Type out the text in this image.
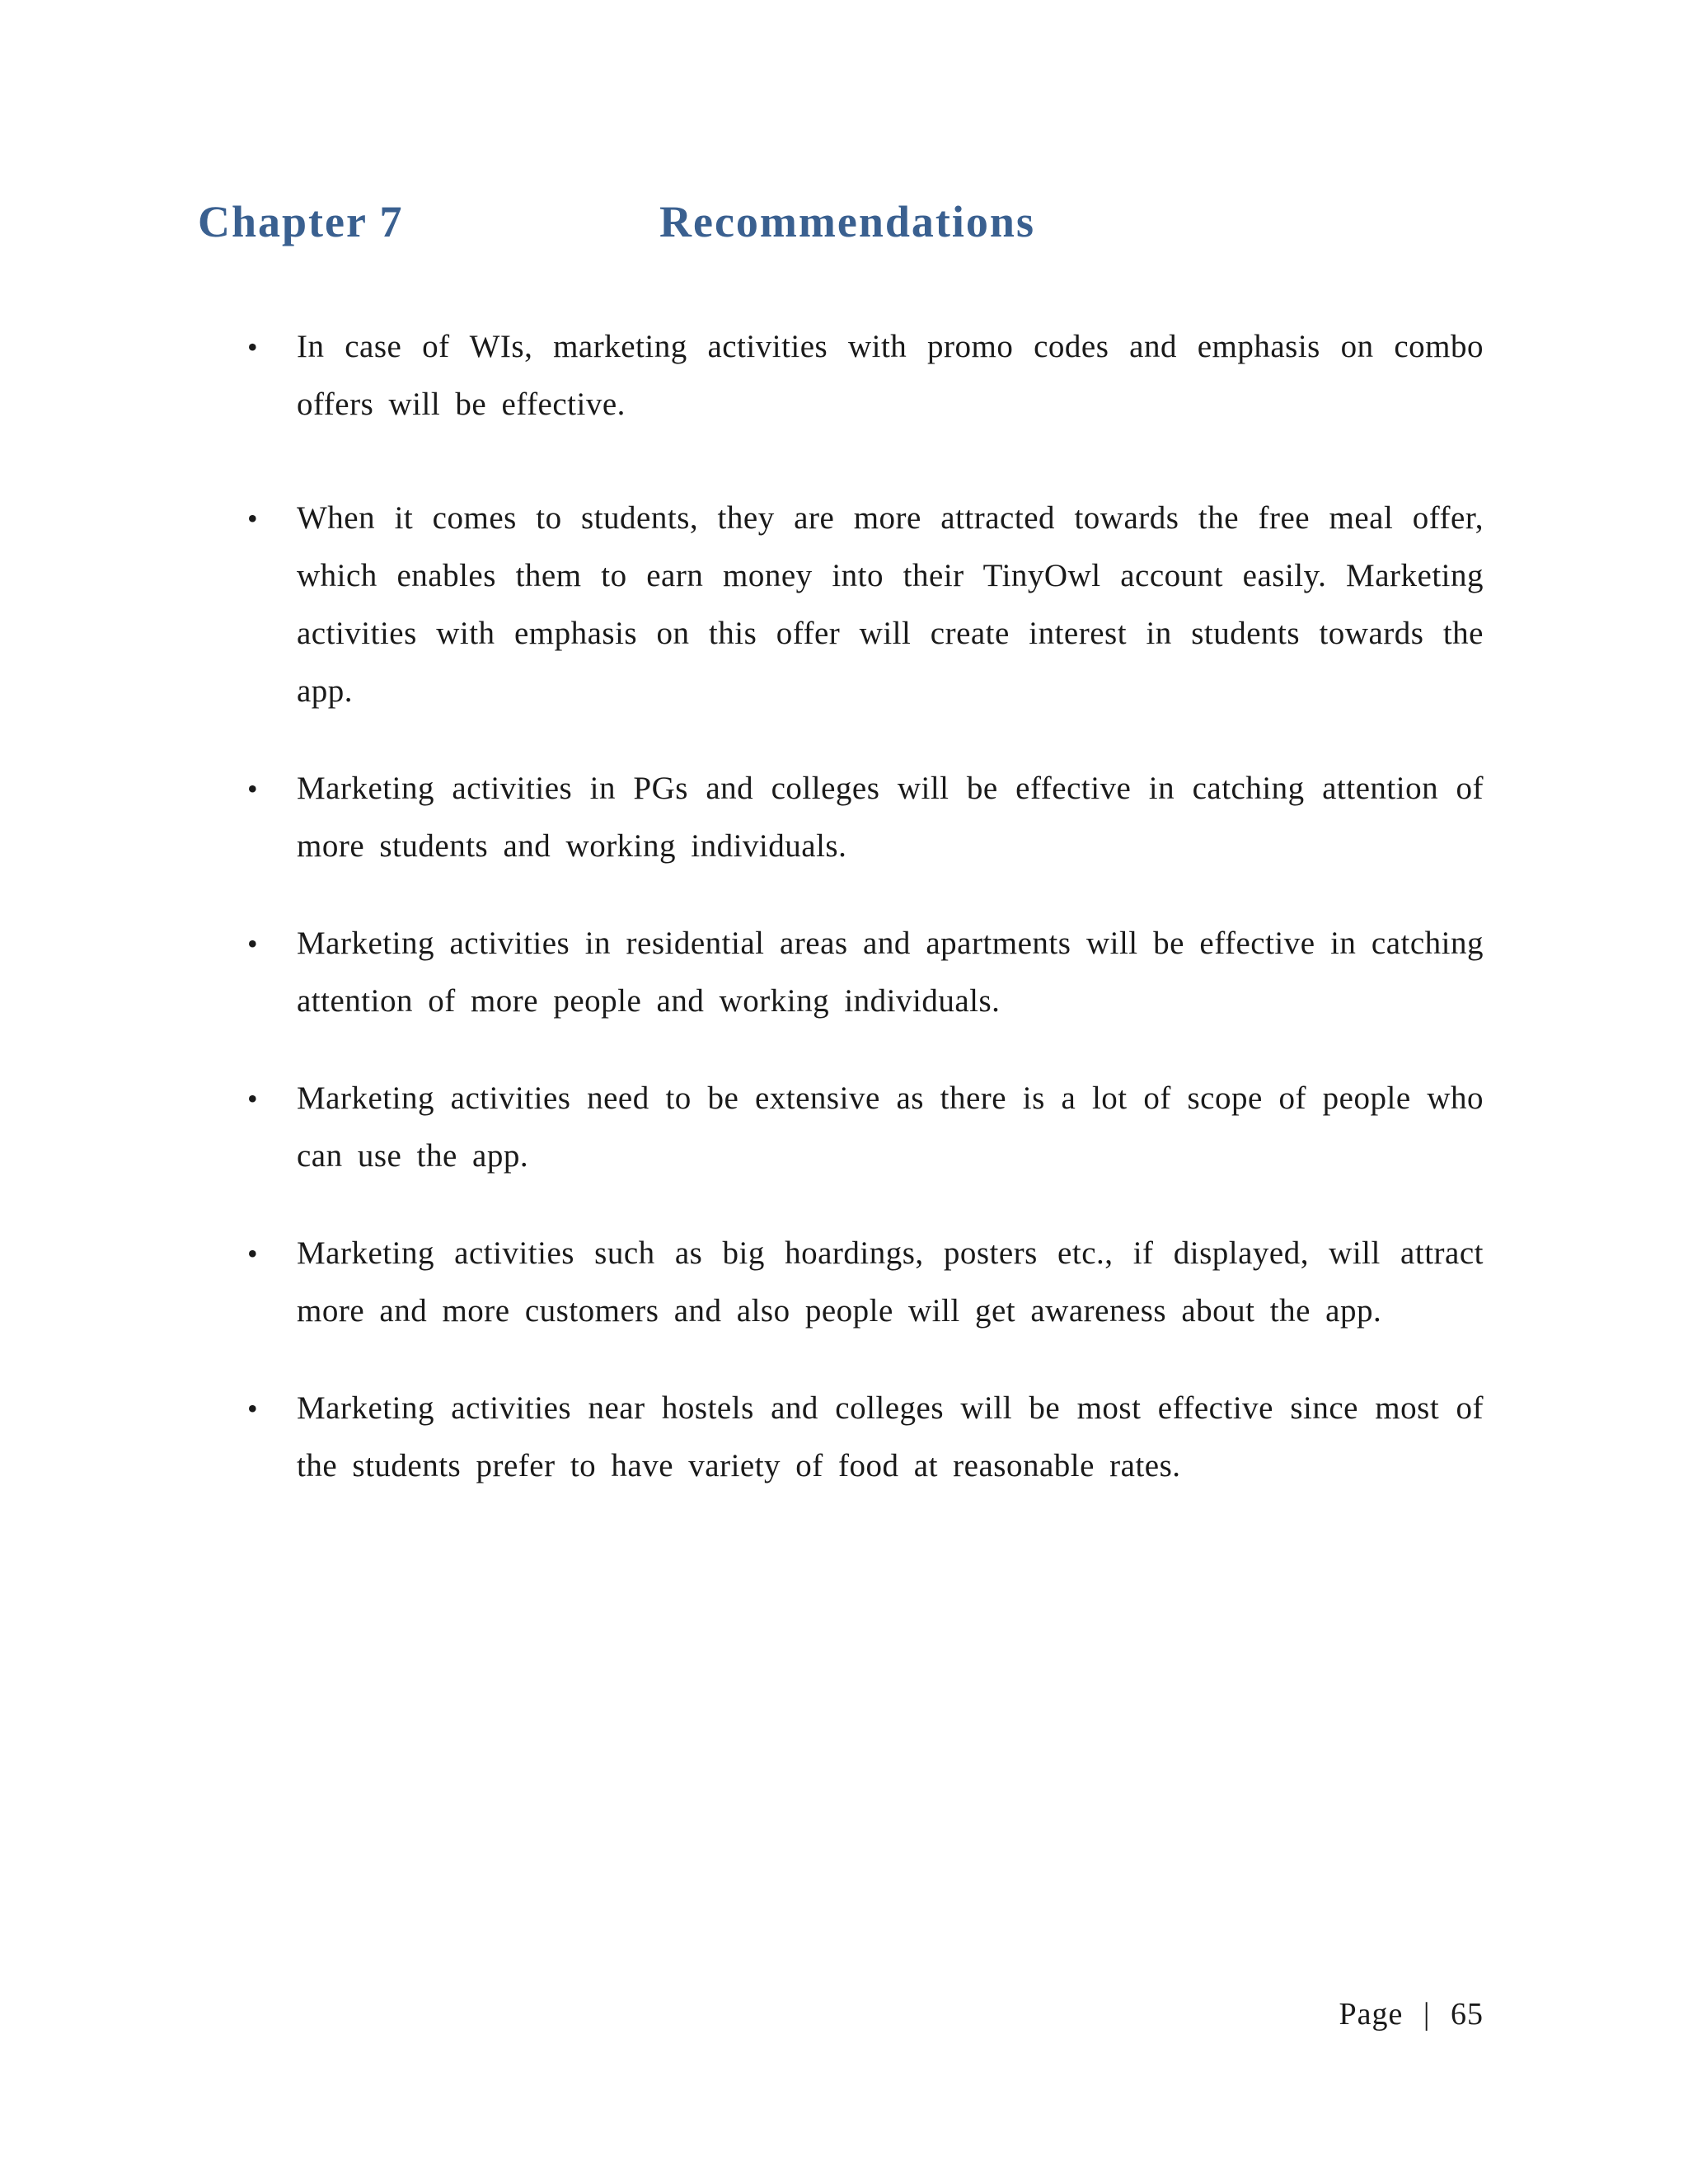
Chapter 7	Recommendations
•	In case of WIs, marketing activities with promo codes and emphasis on combo offers will be effective.
•	When it comes to students, they are more attracted towards the free meal offer, which enables them to earn money into their TinyOwl account easily. Marketing activities with emphasis on this offer will create interest in students towards the app.
•	Marketing activities in PGs and colleges will be effective in catching attention of more students and working individuals.
•	Marketing activities in residential areas and apartments will be effective in catching attention of more people and working individuals.
•	Marketing activities need to be extensive as there is a lot of scope of people who can use the app.
•	Marketing activities such as big hoardings, posters etc., if displayed, will attract more and more customers and also people will get awareness about the app.
•	Marketing activities near hostels and colleges will be most effective since most of the students prefer to have variety of food at reasonable rates.
Page | 65
